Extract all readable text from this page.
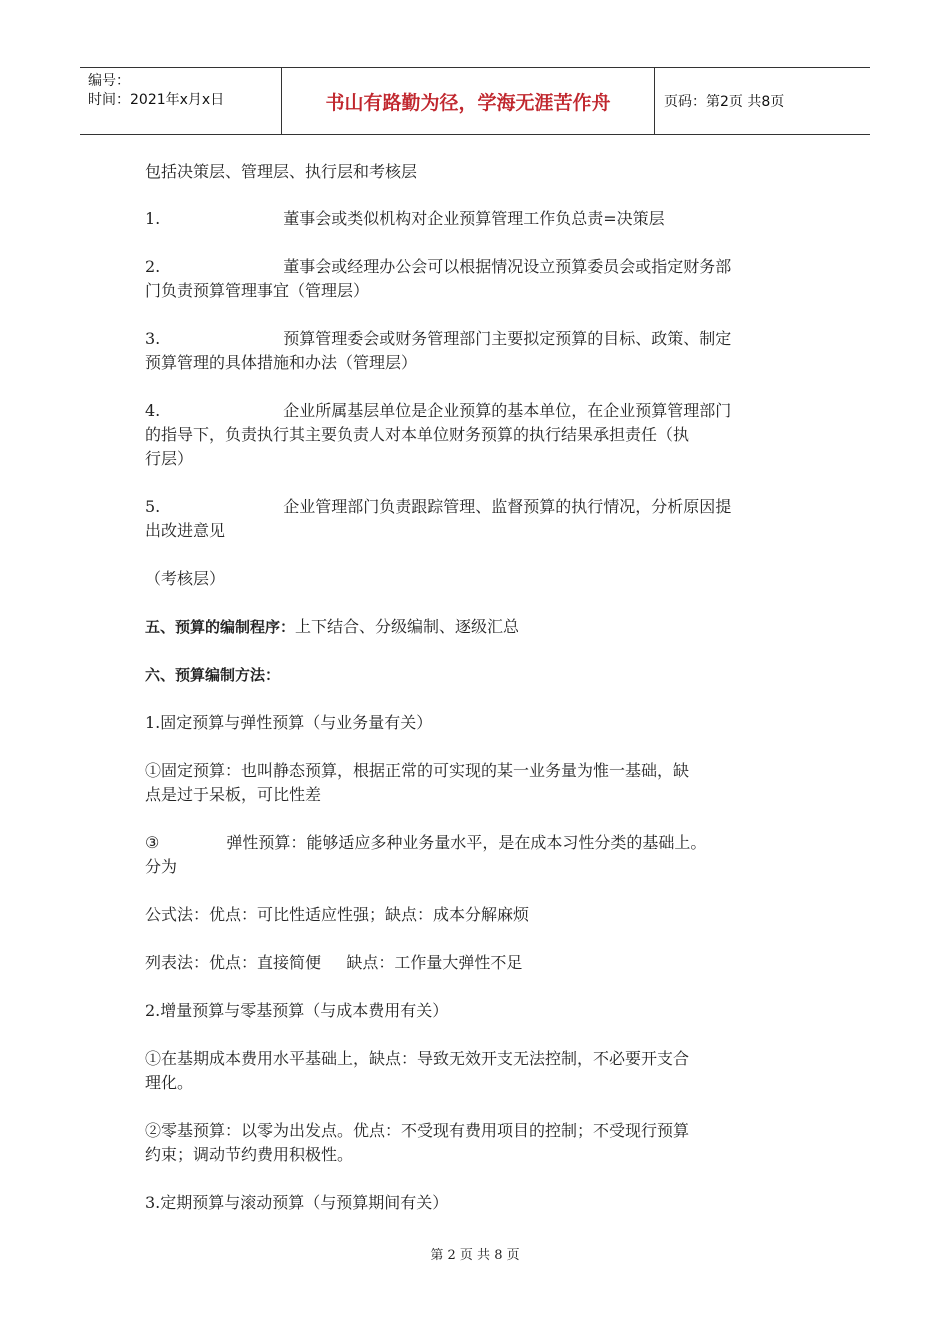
编号：
时间：2021年x月x日	书山有路勤为径，学海无涯苦作舟	页码：第2页 共8页

包括决策层、管理层、执行层和考核层

1.	董事会或类似机构对企业预算管理工作负总责=决策层

2.	董事会或经理办公会可以根据情况设立预算委员会或指定财务部

门负责预算管理事宜（管理层）

3.	预算管理委会或财务管理部门主要拟定预算的目标、政策、制定

预算管理的具体措施和办法（管理层）

4.	企业所属基层单位是企业预算的基本单位，在企业预算管理部门

的指导下，负责执行其主要负责人对本单位财务预算的执行结果承担责任（执

行层）

5.	企业管理部门负责跟踪管理、监督预算的执行情况，分析原因提

出改进意见

（考核层）

五、预算的编制程序：上下结合、分级编制、逐级汇总

六、预算编制方法：

1.固定预算与弹性预算（与业务量有关）

①固定预算：也叫静态预算，根据正常的可实现的某一业务量为惟一基础，缺

点是过于呆板，可比性差

③	弹性预算：能够适应多种业务量水平，是在成本习性分类的基础上。

分为

公式法：优点：可比性适应性强；缺点：成本分解麻烦

列表法：优点：直接简便     缺点：工作量大弹性不足

2.增量预算与零基预算（与成本费用有关）

①在基期成本费用水平基础上，缺点：导致无效开支无法控制，不必要开支合

理化。

②零基预算：以零为出发点。优点：不受现有费用项目的控制；不受现行预算

约束；调动节约费用积极性。

3.定期预算与滚动预算（与预算期间有关）

第 2 页 共 8 页
